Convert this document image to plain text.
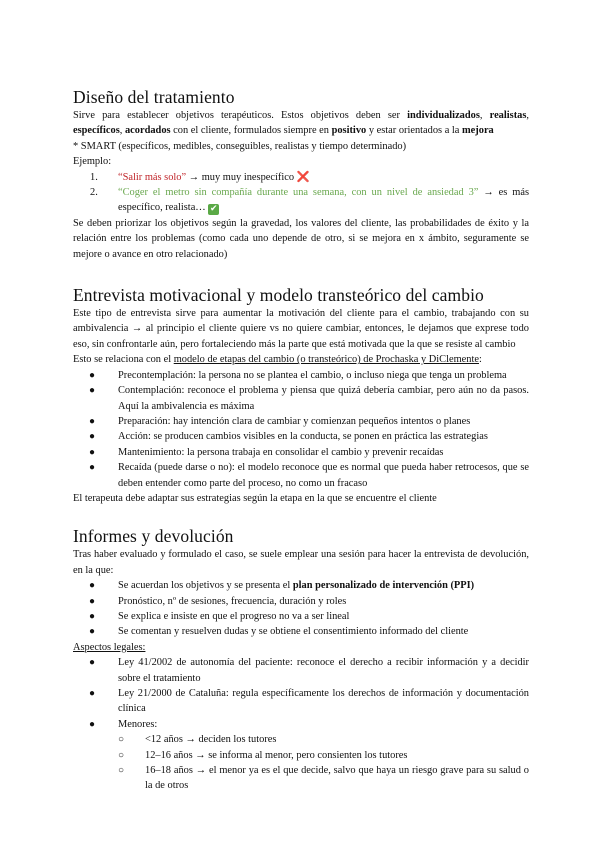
Diseño del tratamiento

Sirve para establecer objetivos terapéuticos. Estos objetivos deben ser individualizados, realistas, específicos, acordados con el cliente, formulados siempre en positivo y estar orientados a la mejora

* SMART (específicos, medibles, conseguibles, realistas y tiempo determinado)

Ejemplo:

1. “Salir más solo” → muy muy inespecífico ❌
2. “Coger el metro sin compañía durante una semana, con un nivel de ansiedad 3” → es más específico, realista… ✔

Se deben priorizar los objetivos según la gravedad, los valores del cliente, las probabilidades de éxito y la relación entre los problemas (como cada uno depende de otro, si se mejora en x ámbito, seguramente se mejore o avance en otro relacionado)

Entrevista motivacional y modelo transteórico del cambio

Este tipo de entrevista sirve para aumentar la motivación del cliente para el cambio, trabajando con su ambivalencia → al principio el cliente quiere vs no quiere cambiar, entonces, le dejamos que exprese todo eso, sin confrontarle aún, pero fortaleciendo más la parte que está motivada que la que se resiste al cambio

Esto se relaciona con el modelo de etapas del cambio (o transteórico) de Prochaska y DiClemente:

● Precontemplación: la persona no se plantea el cambio, o incluso niega que tenga un problema
● Contemplación: reconoce el problema y piensa que quizá debería cambiar, pero aún no da pasos. Aquí la ambivalencia es máxima
● Preparación: hay intención clara de cambiar y comienzan pequeños intentos o planes
● Acción: se producen cambios visibles en la conducta, se ponen en práctica las estrategias
● Mantenimiento: la persona trabaja en consolidar el cambio y prevenir recaídas
● Recaída (puede darse o no): el modelo reconoce que es normal que pueda haber retrocesos, que se deben entender como parte del proceso, no como un fracaso

El terapeuta debe adaptar sus estrategias según la etapa en la que se encuentre el cliente

Informes y devolución

Tras haber evaluado y formulado el caso, se suele emplear una sesión para hacer la entrevista de devolución, en la que:

● Se acuerdan los objetivos y se presenta el plan personalizado de intervención (PPI)
● Pronóstico, nº de sesiones, frecuencia, duración y roles
● Se explica e insiste en que el progreso no va a ser lineal
● Se comentan y resuelven dudas y se obtiene el consentimiento informado del cliente

Aspectos legales:

● Ley 41/2002 de autonomía del paciente: reconoce el derecho a recibir información y a decidir sobre el tratamiento
● Ley 21/2000 de Cataluña: regula específicamente los derechos de información y documentación clínica
● Menores:
○ <12 años → deciden los tutores
○ 12–16 años → se informa al menor, pero consienten los tutores
○ 16–18 años → el menor ya es el que decide, salvo que haya un riesgo grave para su salud o la de otros
